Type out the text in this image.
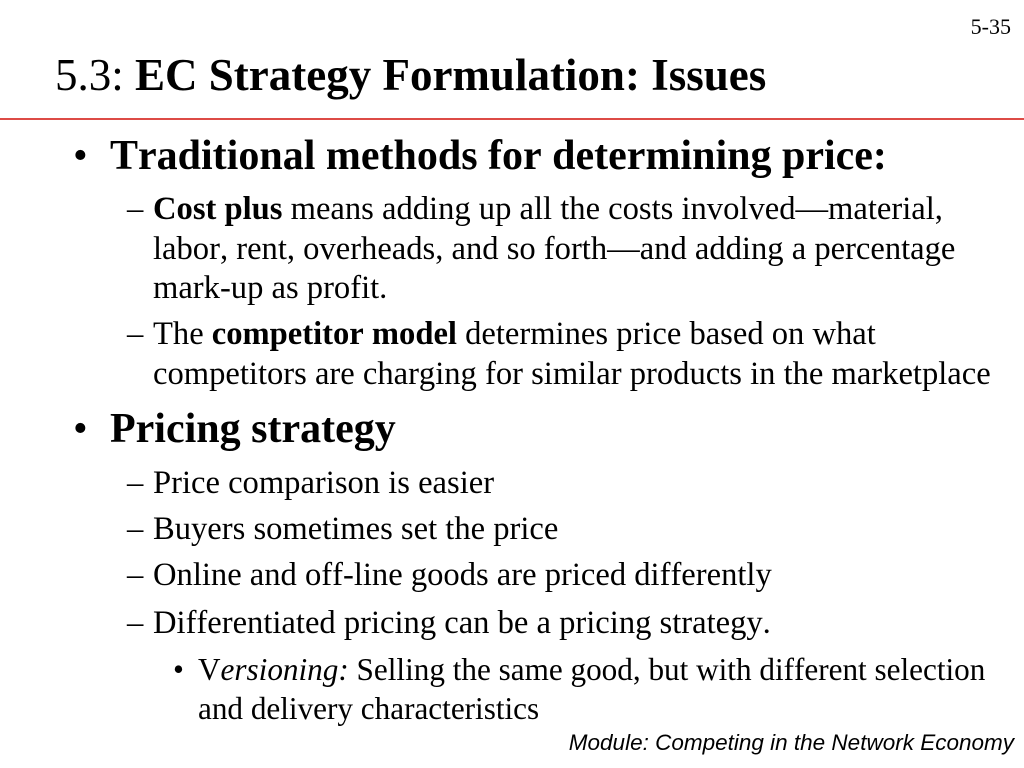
5-35
5.3: EC Strategy Formulation: Issues
• Traditional methods for determining price:
– Cost plus means adding up all the costs involved—material, labor, rent, overheads, and so forth—and adding a percentage mark-up as profit.
– The competitor model determines price based on what competitors are charging for similar products in the marketplace
• Pricing strategy
– Price comparison is easier
– Buyers sometimes set the price
– Online and off-line goods are priced differently
– Differentiated pricing can be a pricing strategy.
• Versioning: Selling the same good, but with different selection and delivery characteristics
Module: Competing in the Network Economy
